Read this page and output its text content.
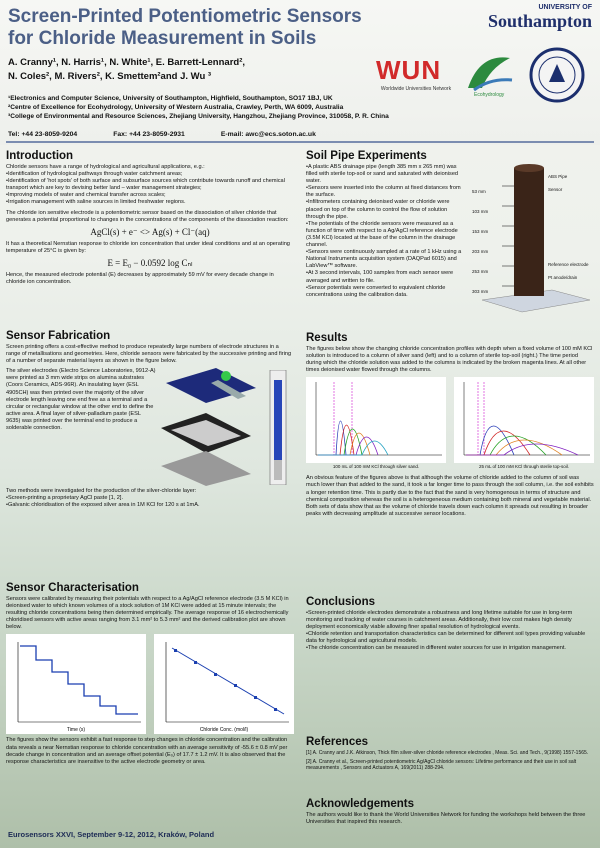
Screen-Printed Potentiometric Sensors for Chloride Measurement in Soils
A. Cranny¹, N. Harris¹, N. White¹, E. Barrett-Lennard²,
N. Coles², M. Rivers², K. Smettem²and J. Wu ³
¹Electronics and Computer Science, University of Southampton, Highfield, Southampton, SO17 1BJ, UK
²Centre of Excellence for Ecohydrology, University of Western Australia, Crawley, Perth, WA 6009, Australia
³College of Environmental and Resource Sciences, Zhejiang University, Hangzhou, Zhejiang Province, 310058, P. R. China
Tel: +44 23-8059-9204	Fax: +44 23-8059-2931	E-mail: awc@ecs.soton.ac.uk
UNIVERSITY OF
Southampton
WUN
Worldwide Universities Network
Ecohydrology
Introduction

Chloride sensors have a range of hydrological and agricultural applications, e.g.:

• Identification of hydrological pathways through water catchment areas;
• Identification of 'hot spots' of both surface and subsurface sources which contribute towards runoff and chemical transport which are key to devising better land – water management strategies;
• Improving models of water and chemical transfer across scales;
• Irrigation management with saline sources in limited freshwater regions.

The chloride ion sensitive electrode is a potentiometric sensor based on the dissociation of silver chloride that generates a potential proportional to changes in the concentrations of the components of the dissociation reaction:

AgCl(s) + e⁻ <> Ag(s) + Cl⁻(aq)

It has a theoretical Nernstian response to chloride ion concentration that under ideal conditions and at an operating temperature of 25°C is given by:

E = E₀ − 0.0592 log Cₙₗ

Hence, the measured electrode potential (E) decreases by approximately 59 mV for every decade change in chloride ion concentration.

Sensor Fabrication

Screen printing offers a cost-effective method to produce repeatedly large numbers of electrode structures in a range of metallisations and geometries. Here, chloride sensors were fabricated by the successive printing and firing of a number of separate material layers as shown in the figure below.

The silver electrodes (Electro Science Laboratories, 9912-A) were printed as 3 mm wide strips on alumina substrates (Coors Ceramics, ADS-96R). An insulating layer (ESL 4905CH) was then printed over the majority of the silver electrode length leaving one end free as a terminal and a circular or rectangular window at the other end to define the active area. A final layer of silver-palladium paste (ESL 9635) was printed over the terminal end to produce a solderable connection.

Two methods were investigated for the production of the silver-chloride layer:

• Screen-printing a proprietary AgCl paste [1, 2].
• Galvanic chloridisation of the exposed silver area in 1M KCl for 120 s at 1mA.
Sensor Characterisation

Sensors were calibrated by measuring their potentials with respect to a Ag/AgCl reference electrode (3.5 M KCl) in deionised water to which known volumes of a stock solution of 1M KCl were added at 15 minute intervals; the resulting chloride concentrations being then determined empirically. The average response of 16 electrochemically chloridised sensors with active areas ranging from 3.1 mm² to 5.3 mm² and the derived calibration plot are shown below.

Time (s)	Chloride Conc. (mol/l)

The figures show the sensors exhibit a fast response to step changes in chloride concentration and the calibration data reveals a near Nernstian response to chloride concentration with an average sensitivity of -55.6 ± 0.8 mV per decade change in concentration and an average offset potential (E₀) of 17.7 ± 1.2 mV. It is also observed that the response characteristics are insensitive to the active electrode geometry or area.

Soil Pipe Experiments
• A plastic ABS drainage pipe (length 385 mm x 265 mm) was filled with sterile top-soil or sand and saturated with deionised water.
• Sensors were inserted into the column at fixed distances from the surface.
• Infiltrometers containing deionised water or chloride were placed on top of the column to control the flow of solution through the pipe.
• The potentials of the chloride sensors were measured as a function of time with respect to a Ag/AgCl reference electrode (3.5M KCl) located at the base of the column in the drainage channel.
• Sensors were continuously sampled at a rate of 1 kHz using a National Instruments acquisition system (DAQPad 6015) and LabView™ software.
• At 3 second intervals, 100 samples from each sensor were averaged and written to file.
• Sensor potentials were converted to equivalent chloride concentrations using the calibration data.
53 mm
103 mm
153 mm
203 mm
253 mm
303 mm
ABS Pipe
Sensor
Reference electrode
Pt anode/drain
Results

The figures below show the changing chloride concentration profiles with depth when a fixed volume of 100 mM KCl solution is introduced to a column of silver sand (left) and to a column of sterile top-soil (right.) The time period during which the chloride solution was added to the columns is indicated by the broken magenta lines. At all other times deionised water flowed through the columns.

100 mL of 100 mM KCl through silver sand.	25 mL of 100 mM KCl through sterile top-soil.

An obvious feature of the figures above is that although the volume of chloride added to the column of soil was much lower than that added to the sand, it took a far longer time to pass through the soil column, i.e. the soil exhibits a longer retention time. This is partly due to the fact that the sand is very homogenous in terms of structure and chemical composition whereas the soil is a heterogeneous medium containing both mineral and vegetable material. Both sets of data show that as the volume of chloride travels down each column it spreads out resulting in broader peaks with decreasing amplitude at successive sensor locations.

Conclusions
• Screen-printed chloride electrodes demonstrate a robustness and long lifetime suitable for use in long-term monitoring and tracking of water courses in catchment areas. Additionally, their low cost makes high density deployment economically viable allowing finer spatial resolution of hydrological events.
• Chloride retention and transportation characteristics can be determined for different soil types providing valuable data for hydrological and agricultural models.
• The chloride concentration can be measured in different water sources for use in irrigation management.
References

[1] A. Cranny and J.K. Atkinson, Thick film silver-silver chloride reference electrodes , Meas. Sci. and Tech., 9(1998) 1557-1565.

[2] A. Cranny et al., Screen-printed potentiometric Ag/AgCl chloride sensors: Lifetime performance and their use in soil salt measurements , Sensors and Actuators A, 169(2011) 288-294.

Acknowledgements

The authors would like to thank the World Universities Network for funding the workshops held between the three Universities that inspired this research.

Eurosensors XXVI, September 9-12, 2012, Kraków, Poland
